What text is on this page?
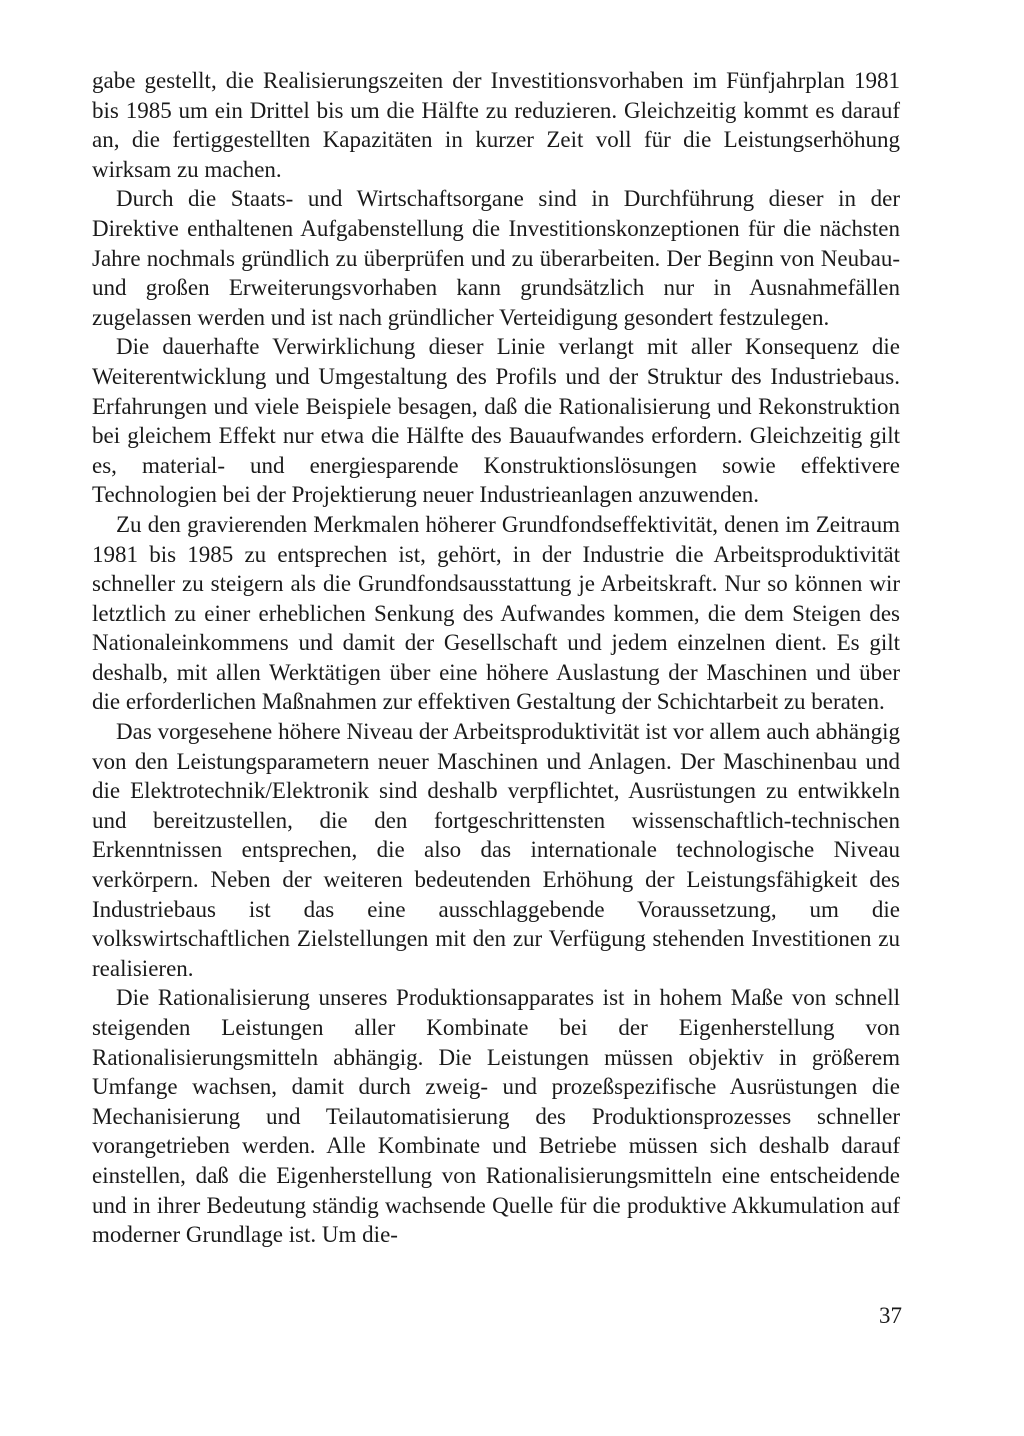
gabe gestellt, die Realisierungszeiten der Investitionsvorhaben im Fünfjahrplan 1981 bis 1985 um ein Drittel bis um die Hälfte zu reduzieren. Gleichzeitig kommt es darauf an, die fertiggestellten Kapazitäten in kurzer Zeit voll für die Leistungserhöhung wirksam zu machen.

Durch die Staats- und Wirtschaftsorgane sind in Durchführung dieser in der Direktive enthaltenen Aufgabenstellung die Investitionskonzeptionen für die nächsten Jahre nochmals gründlich zu überprüfen und zu überarbeiten. Der Beginn von Neubau- und großen Erweiterungsvorhaben kann grundsätzlich nur in Ausnahmefällen zugelassen werden und ist nach gründlicher Verteidigung gesondert festzulegen.

Die dauerhafte Verwirklichung dieser Linie verlangt mit aller Konsequenz die Weiterentwicklung und Umgestaltung des Profils und der Struktur des Industriebaus. Erfahrungen und viele Beispiele besagen, daß die Rationalisierung und Rekonstruktion bei gleichem Effekt nur etwa die Hälfte des Bauaufwandes erfordern. Gleichzeitig gilt es, material- und energiesparende Konstruktionslösungen sowie effektivere Technologien bei der Projektierung neuer Industrieanlagen anzuwenden.

Zu den gravierenden Merkmalen höherer Grundfondseffektivität, denen im Zeitraum 1981 bis 1985 zu entsprechen ist, gehört, in der Industrie die Arbeitsproduktivität schneller zu steigern als die Grundfondsausstattung je Arbeitskraft. Nur so können wir letztlich zu einer erheblichen Senkung des Aufwandes kommen, die dem Steigen des Nationaleinkommens und damit der Gesellschaft und jedem einzelnen dient. Es gilt deshalb, mit allen Werktätigen über eine höhere Auslastung der Maschinen und über die erforderlichen Maßnahmen zur effektiven Gestaltung der Schichtarbeit zu beraten.

Das vorgesehene höhere Niveau der Arbeitsproduktivität ist vor allem auch abhängig von den Leistungsparametern neuer Maschinen und Anlagen. Der Maschinenbau und die Elektrotechnik/Elektronik sind deshalb verpflichtet, Ausrüstungen zu entwikkeln und bereitzustellen, die den fortgeschrittensten wissenschaftlich-technischen Erkenntnissen entsprechen, die also das internationale technologische Niveau verkörpern. Neben der weiteren bedeutenden Erhöhung der Leistungsfähigkeit des Industriebaus ist das eine ausschlaggebende Voraussetzung, um die volkswirtschaftlichen Zielstellungen mit den zur Verfügung stehenden Investitionen zu realisieren.

Die Rationalisierung unseres Produktionsapparates ist in hohem Maße von schnell steigenden Leistungen aller Kombinate bei der Eigenherstellung von Rationalisierungsmitteln abhängig. Die Leistungen müssen objektiv in größerem Umfange wachsen, damit durch zweig- und prozeßspezifische Ausrüstungen die Mechanisierung und Teilautomatisierung des Produktionsprozesses schneller vorangetrieben werden. Alle Kombinate und Betriebe müssen sich deshalb darauf einstellen, daß die Eigenherstellung von Rationalisierungsmitteln eine entscheidende und in ihrer Bedeutung ständig wachsende Quelle für die produktive Akkumulation auf moderner Grundlage ist. Um die-

37
